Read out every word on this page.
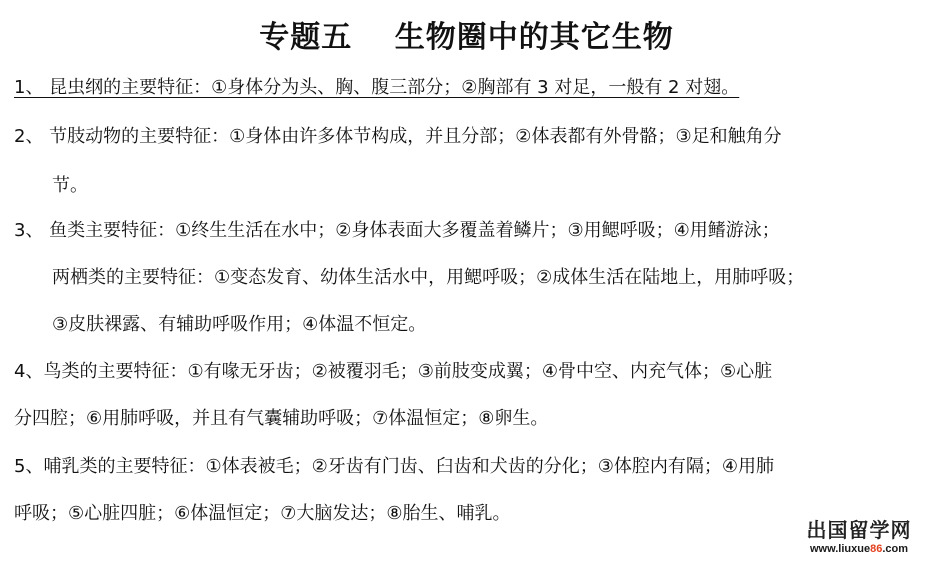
专题五　 生物圈中的其它生物
1、 昆虫纲的主要特征：①身体分为头、胸、腹三部分；②胸部有 3 对足，一般有 2 对翅。
2、 节肢动物的主要特征：①身体由许多体节构成，并且分部；②体表都有外骨骼；③足和触角分
节。
3、 鱼类主要特征：①终生生活在水中；②身体表面大多覆盖着鳞片；③用鳃呼吸；④用鳍游泳；
两栖类的主要特征：①变态发育、幼体生活水中，用鳃呼吸；②成体生活在陆地上，用肺呼吸；
③皮肤裸露、有辅助呼吸作用；④体温不恒定。
4、鸟类的主要特征：①有喙无牙齿；②被覆羽毛；③前肢变成翼；④骨中空、内充气体；⑤心脏
分四腔；⑥用肺呼吸，并且有气囊辅助呼吸；⑦体温恒定；⑧卵生。
5、哺乳类的主要特征：①体表被毛；②牙齿有门齿、臼齿和犬齿的分化；③体腔内有隔；④用肺
呼吸；⑤心脏四脏；⑥体温恒定；⑦大脑发达；⑧胎生、哺乳。
出国留学网
www.liuxue86.com
